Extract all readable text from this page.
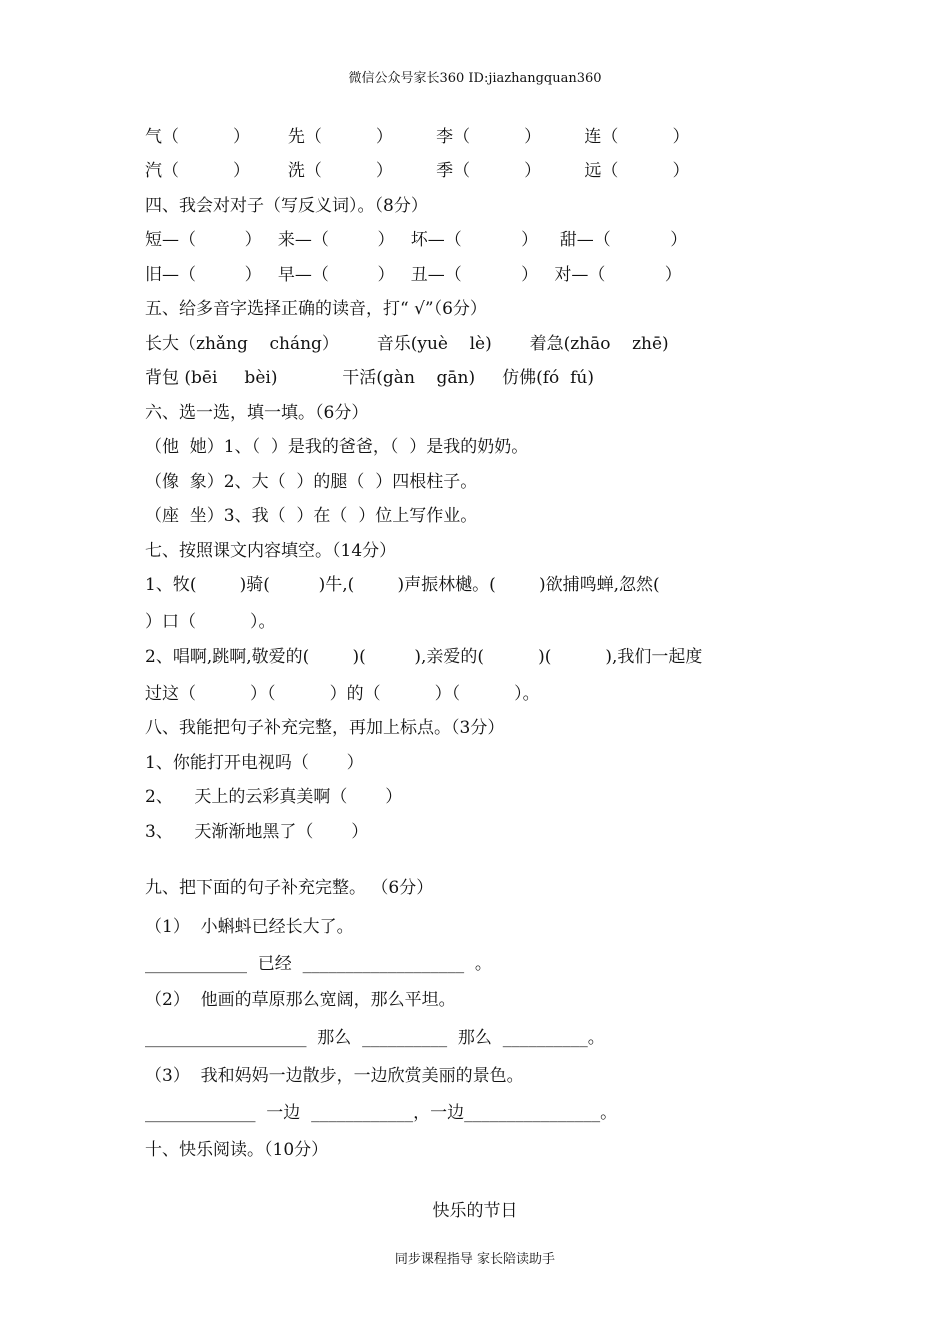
微信公众号家长360 ID:jiazhangquan360
气（          ）       先（          ）        李（          ）        连（          ）
汽（          ）       洗（          ）        季（          ）        远（          ）
四、我会对对子（写反义词）。（8分）
短—（         ）   来—（         ）   坏—（           ）    甜—（           ）
旧—（         ）   早—（         ）   丑—（           ）   对—（           ）
五、给多音字选择正确的读音，打“ √”（6分）
长大（zhǎng    cháng）       音乐(yuè    lè)       着急(zhāo    zhē)
背包 (bēi     bèi)            干活(gàn    gān)     仿佛(fó  fú)
六、选一选，填一填。（6分）
（他  她）1、（  ）是我的爸爸，（  ）是我的奶奶。
（像  象）2、大（  ）的腿（  ）四根柱子。
（座  坐）3、我（  ）在（  ）位上写作业。
七、按照课文内容填空。（14分）
1、牧(        )骑(         )牛,(        )声振林樾。(        )欲捕鸣蝉,忽然(
）口（          ）。
2、唱啊,跳啊,敬爱的(        )(         ),亲爱的(          )(          ),我们一起度
过这（          ）（          ）的（          ）（          ）。
八、我能把句子补充完整，再加上标点。（3分）
1、你能打开电视吗（       ）
2、    天上的云彩真美啊（       ）
3、    天渐渐地黑了（       ）
九、把下面的句子补充完整。 （6分）
（1）  小蝌蚪已经长大了。
____________  已经  ___________________  。
（2）  他画的草原那么宽阔，那么平坦。
___________________  那么  __________  那么  __________。
（3）  我和妈妈一边散步，一边欣赏美丽的景色。
_____________  一边  ____________，一边________________。
十、快乐阅读。（10分）
快乐的节日
同步课程指导 家长陪读助手
